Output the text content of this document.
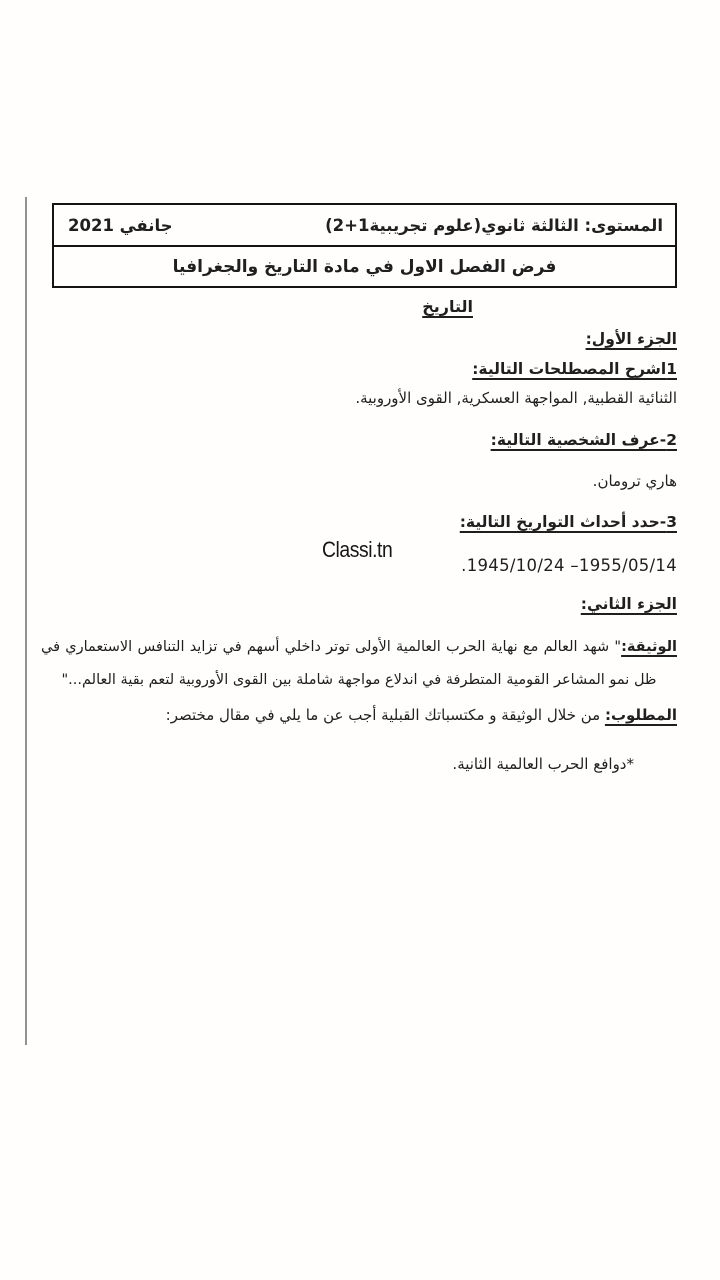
المستوى: الثالثة ثانوي(علوم تجريبية1+2)
جانفي 2021
فرض الفصل الاول في مادة التاريخ والجغرافيا
التاريخ
الجزء الأول:
1اشرح المصطلحات التالية:
الثنائية القطبية, المواجهة العسكرية, القوى الأوروبية.
2-عرف الشخصية التالية:
هاري ترومان.
3-حدد أحداث التواريخ التالية:
Classi.tn
.1945/10/24 –1955/05/14
الجزء الثاني:
الوثيقة:" شهد العالم مع نهاية الحرب العالمية الأولى توتر داخلي أسهم في تزايد التنافس الاستعماري في ظل نمو المشاعر القومية المتطرفة في اندلاع مواجهة شاملة بين القوى الأوروبية لتعم بقية العالم..."
المطلوب: من خلال الوثيقة و مكتسباتك القبلية أجب عن ما يلي في مقال مختصر:
*دوافع الحرب العالمية الثانية.
